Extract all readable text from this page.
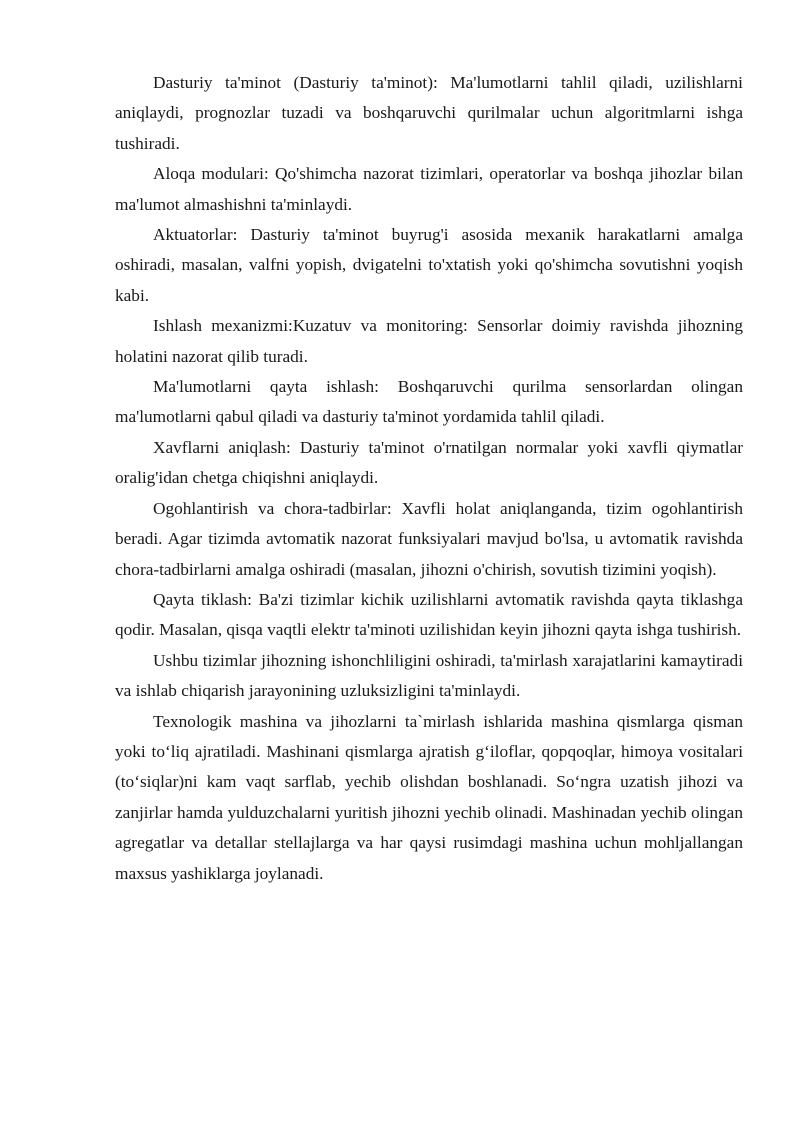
Dasturiy ta'minot (Dasturiy ta'minot): Ma'lumotlarni tahlil qiladi, uzilishlarni aniqlaydi, prognozlar tuzadi va boshqaruvchi qurilmalar uchun algoritmlarni ishga tushiradi.

Aloqa modulari: Qo'shimcha nazorat tizimlari, operatorlar va boshqa jihozlar bilan ma'lumot almashishni ta'minlaydi.

Aktuatorlar: Dasturiy ta'minot buyrug'i asosida mexanik harakatlarni amalga oshiradi, masalan, valfni yopish, dvigatelni to'xtatish yoki qo'shimcha sovutishni yoqish kabi.

Ishlash mexanizmi:Kuzatuv va monitoring: Sensorlar doimiy ravishda jihozning holatini nazorat qilib turadi.

Ma'lumotlarni qayta ishlash: Boshqaruvchi qurilma sensorlardan olingan ma'lumotlarni qabul qiladi va dasturiy ta'minot yordamida tahlil qiladi.

Xavflarni aniqlash: Dasturiy ta'minot o'rnatilgan normalar yoki xavfli qiymatlar oralig'idan chetga chiqishni aniqlaydi.

Ogohlantirish va chora-tadbirlar: Xavfli holat aniqlanganda, tizim ogohlantirish beradi. Agar tizimda avtomatik nazorat funksiyalari mavjud bo'lsa, u avtomatik ravishda chora-tadbirlarni amalga oshiradi (masalan, jihozni o'chirish, sovutish tizimini yoqish).

Qayta tiklash: Ba'zi tizimlar kichik uzilishlarni avtomatik ravishda qayta tiklashga qodir. Masalan, qisqa vaqtli elektr ta'minoti uzilishidan keyin jihozni qayta ishga tushirish.

Ushbu tizimlar jihozning ishonchliligini oshiradi, ta'mirlash xarajatlarini kamaytiradi va ishlab chiqarish jarayonining uzluksizligini ta'minlaydi.

Texnologik mashina va jihozlarni ta`mirlash ishlarida mashina qismlarga qisman yoki to‘liq ajratiladi. Mashinani qismlarga ajratish g‘iloflar, qopqoqlar, himoya vositalari (to‘siqlar)ni kam vaqt sarflab, yechib olishdan boshlanadi. So‘ngra uzatish jihozi va zanjirlar hamda yulduzchalarni yuritish jihozni yechib olinadi. Mashinadan yechib olingan agregatlar va detallar stellajlarga va har qaysi rusimdagi mashina uchun mohljallangan maxsus yashiklarga joylanadi.
